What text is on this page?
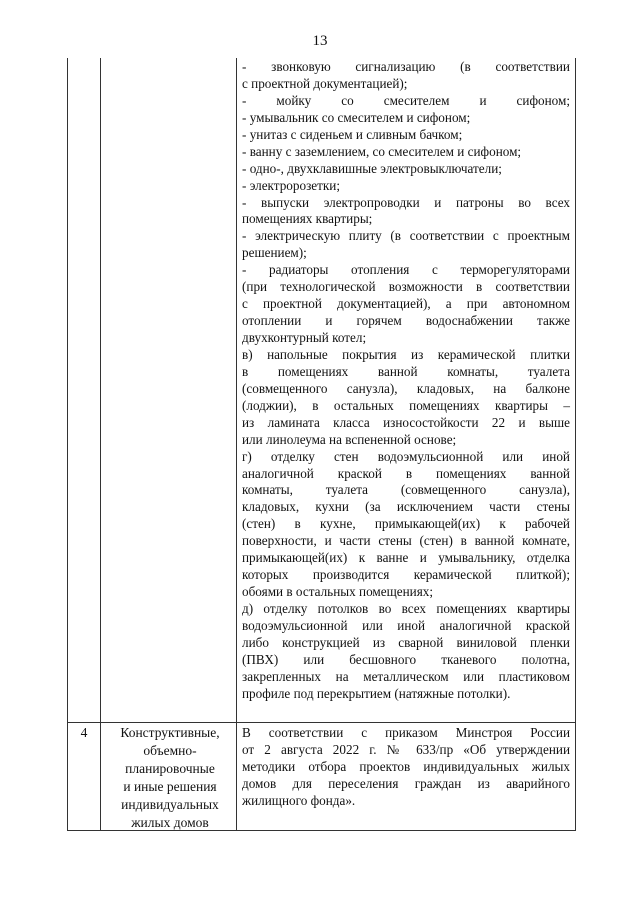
13
- звонковую сигнализацию (в соответствии
с проектной документацией);
- мойку со смесителем и сифоном;
- умывальник со смесителем и сифоном;
- унитаз с сиденьем и сливным бачком;
- ванну с заземлением, со смесителем и сифоном;
- одно-, двухклавишные электровыключатели;
- электророзетки;
- выпуски электропроводки и патроны во всех
помещениях квартиры;
- электрическую плиту (в соответствии с проектным
решением);
- радиаторы отопления с терморегуляторами
(при технологической возможности в соответствии
с проектной документацией), а при автономном
отоплении и горячем водоснабжении также
двухконтурный котел;
в) напольные покрытия из керамической плитки
в помещениях ванной комнаты, туалета
(совмещенного санузла), кладовых, на балконе
(лоджии), в остальных помещениях квартиры –
из ламината класса износостойкости 22 и выше
или линолеума на вспененной основе;
г) отделку стен водоэмульсионной или иной
аналогичной краской в помещениях ванной
комнаты, туалета (совмещенного санузла),
кладовых, кухни (за исключением части стены
(стен) в кухне, примыкающей(их) к рабочей
поверхности, и части стены (стен) в ванной комнате,
примыкающей(их) к ванне и умывальнику, отделка
которых производится керамической плиткой);
обоями в остальных помещениях;
д) отделку потолков во всех помещениях квартиры
водоэмульсионной или иной аналогичной краской
либо конструкцией из сварной виниловой пленки
(ПВХ) или бесшовного тканевого полотна,
закрепленных на металлическом или пластиковом
профиле под перекрытием (натяжные потолки).
4	Конструктивные,
объемно-
планировочные
и иные решения
индивидуальных
жилых домов
В соответствии с приказом Минстроя России
от 2 августа 2022 г. № 633/пр «Об утверждении
методики отбора проектов индивидуальных жилых
домов для переселения граждан из аварийного
жилищного фонда».
